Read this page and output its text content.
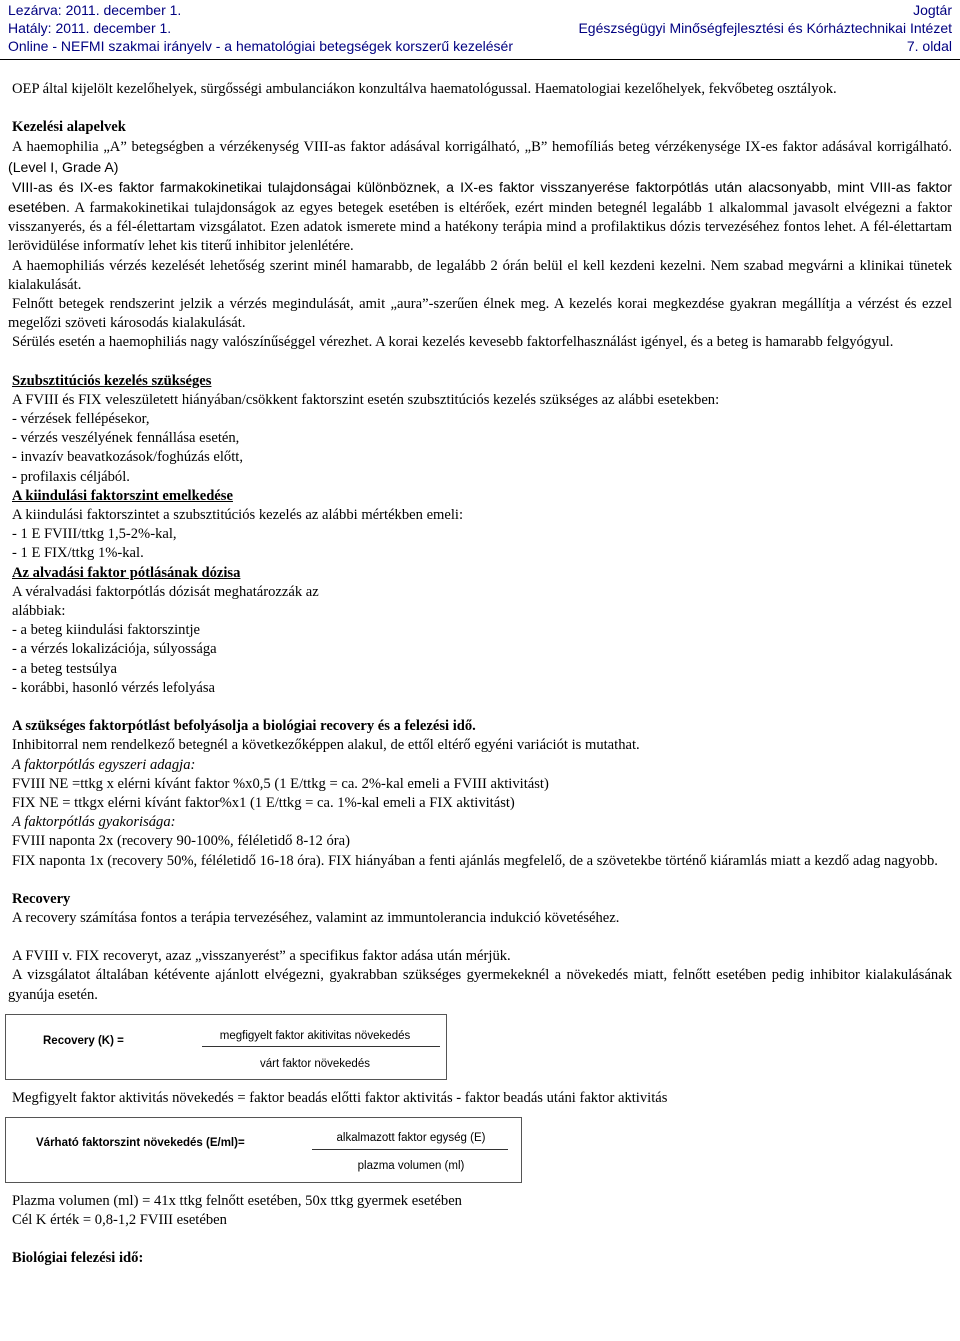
Lezárva: 2011. december 1.
Hatály: 2011. december 1.
Online - NEFMI szakmai irányelv - a hematológiai betegségek korszerű kezelésér
Jogtár
Egészségügyi Minőségfejlesztési és Kórháztechnikai Intézet
7. oldal

OEP által kijelölt kezelőhelyek, sürgősségi ambulanciákon konzultálva haematológussal. Haematologiai kezelőhelyek, fekvőbeteg osztályok.

Kezelési alapelvek

A haemophilia „A” betegségben a vérzékenység VIII-as faktor adásával korrigálható, „B” hemofíliás beteg vérzékenysége IX-es faktor adásával korrigálható. (Level I, Grade A)

VIII-as és IX-es faktor farmakokinetikai tulajdonságai különböznek, a IX-es faktor visszanyerése faktorpótlás után alacsonyabb, mint VIII-as faktor esetében. A farmakokinetikai tulajdonságok az egyes betegek esetében is eltérőek, ezért minden betegnél legalább 1 alkalommal javasolt elvégezni a faktor visszanyerés, és a fél-élettartam vizsgálatot. Ezen adatok ismerete mind a hatékony terápia mind a profilaktikus dózis tervezéséhez fontos lehet. A fél-élettartam lerövidülése informatív lehet kis titerű inhibitor jelenlétére.

A haemophiliás vérzés kezelését lehetőség szerint minél hamarabb, de legalább 2 órán belül el kell kezdeni kezelni. Nem szabad megvárni a klinikai tünetek kialakulását.

Felnőtt betegek rendszerint jelzik a vérzés megindulását, amit „aura”-szerűen élnek meg. A kezelés korai megkezdése gyakran megállítja a vérzést és ezzel megelőzi szöveti károsodás kialakulását.

Sérülés esetén a haemophiliás nagy valószínűséggel vérezhet. A korai kezelés kevesebb faktorfelhasználást igényel, és a beteg is hamarabb felgyógyul.

Szubsztitúciós kezelés szükséges

A FVIII és FIX veleszületett hiányában/csökkent faktorszint esetén szubsztitúciós kezelés szükséges az alábbi esetekben:

- vérzések fellépésekor,

- vérzés veszélyének fennállása esetén,

- invazív beavatkozások/foghúzás előtt,

- profilaxis céljából.

A kiindulási faktorszint emelkedése

A kiindulási faktorszintet a szubsztitúciós kezelés az alábbi mértékben emeli:

- 1 E FVIII/ttkg 1,5-2%-kal,

- 1 E FIX/ttkg 1%-kal.

Az alvadási faktor pótlásának dózisa

A véralvadási faktorpótlás dózisát meghatározzák az

alábbiak:

- a beteg kiindulási faktorszintje

- a vérzés lokalizációja, súlyossága

- a beteg testsúlya

- korábbi, hasonló vérzés lefolyása

A szükséges faktorpótlást befolyásolja a biológiai recovery és a felezési idő.

Inhibitorral nem rendelkező betegnél a következőképpen alakul, de ettől eltérő egyéni variációt is mutathat.

A faktorpótlás egyszeri adagja:

FVIII NE =ttkg x elérni kívánt faktor %x0,5 (1 E/ttkg = ca. 2%-kal emeli a FVIII aktivitást)

FIX NE = ttkgx elérni kívánt faktor%x1 (1 E/ttkg = ca. 1%-kal emeli a FIX aktivitást)

A faktorpótlás gyakorisága:

FVIII naponta 2x (recovery 90-100%, féléletidő 8-12 óra)

FIX naponta 1x (recovery 50%, féléletidő 16-18 óra). FIX hiányában a fenti ajánlás megfelelő, de a szövetekbe történő kiáramlás miatt a kezdő adag nagyobb.

Recovery

A recovery számítása fontos a terápia tervezéséhez, valamint az immuntolerancia indukció követéséhez.

A FVIII v. FIX recoveryt, azaz „visszanyerést” a specifikus faktor adása után mérjük.

A vizsgálatot általában kétévente ajánlott elvégezni, gyakrabban szükséges gyermekeknél a növekedés miatt, felnőtt esetében pedig inhibitor kialakulásának gyanúja esetén.

Recovery (K) =	megfigyelt faktor akitivitas növekedés
várt faktor növekedés

Megfigyelt faktor aktivitás növekedés = faktor beadás előtti faktor aktivitás - faktor beadás utáni faktor aktivitás

Várható faktorszint növekedés (E/ml)=	alkalmazott faktor egység (E)
plazma volumen (ml)

Plazma volumen (ml) = 41x ttkg felnőtt esetében, 50x ttkg gyermek esetében

Cél K érték = 0,8-1,2 FVIII esetében

Biológiai felezési idő:
